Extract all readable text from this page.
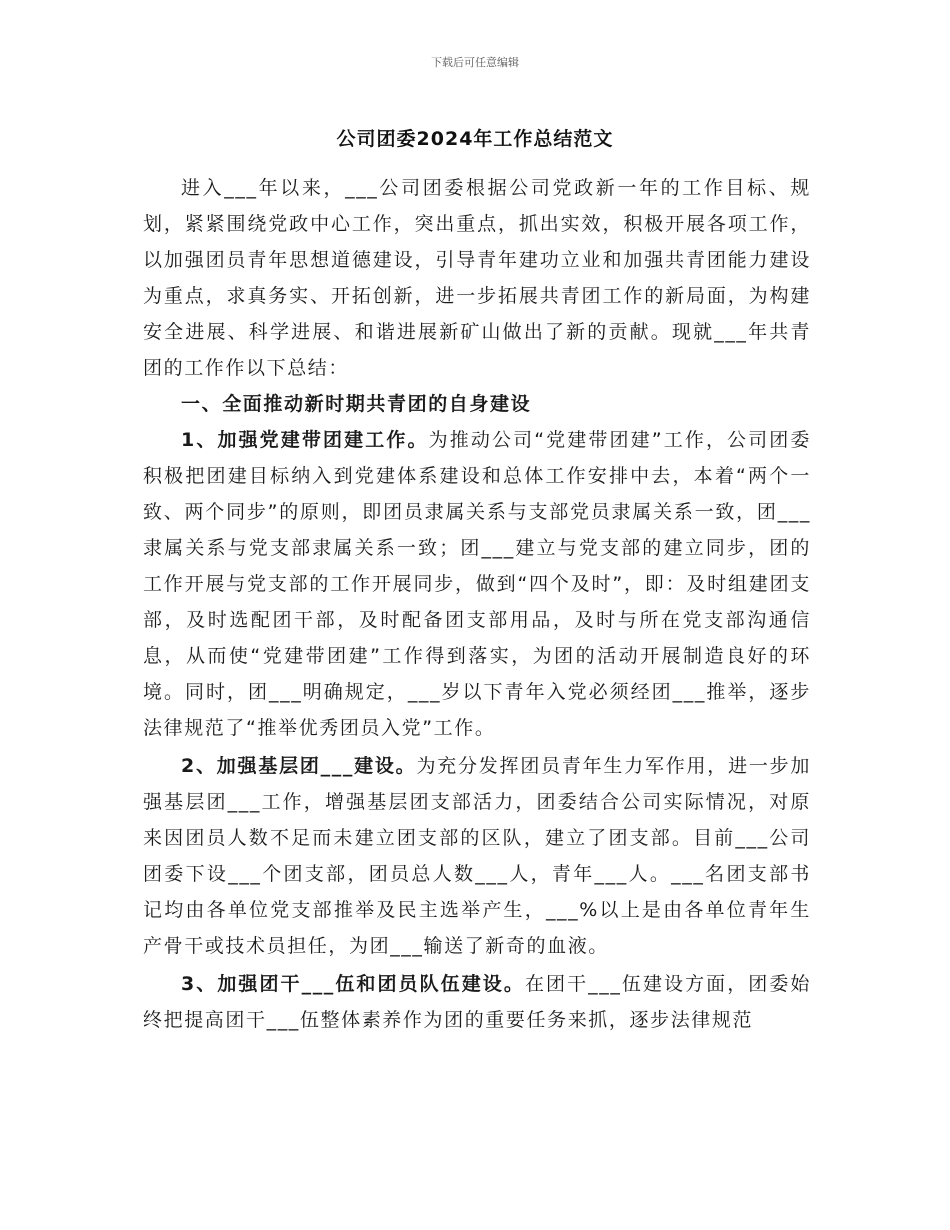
下载后可任意编辑
公司团委2024年工作总结范文

进入___年以来，___公司团委根据公司党政新一年的工作目标、规划，紧紧围绕党政中心工作，突出重点，抓出实效，积极开展各项工作，以加强团员青年思想道德建设，引导青年建功立业和加强共青团能力建设为重点，求真务实、开拓创新，进一步拓展共青团工作的新局面，为构建安全进展、科学进展、和谐进展新矿山做出了新的贡献。现就___年共青团的工作作以下总结：

一、全面推动新时期共青团的自身建设

1、加强党建带团建工作。为推动公司“党建带团建”工作，公司团委积极把团建目标纳入到党建体系建设和总体工作安排中去，本着“两个一致、两个同步”的原则，即团员隶属关系与支部党员隶属关系一致，团___隶属关系与党支部隶属关系一致；团___建立与党支部的建立同步，团的工作开展与党支部的工作开展同步，做到“四个及时”，即：及时组建团支部，及时选配团干部，及时配备团支部用品，及时与所在党支部沟通信息，从而使“党建带团建”工作得到落实，为团的活动开展制造良好的环境。同时，团___明确规定，___岁以下青年入党必须经团___推举，逐步法律规范了“推举优秀团员入党”工作。

2、加强基层团___建设。为充分发挥团员青年生力军作用，进一步加强基层团___工作，增强基层团支部活力，团委结合公司实际情况，对原来因团员人数不足而未建立团支部的区队，建立了团支部。目前___公司团委下设___个团支部，团员总人数___人，青年___人。___名团支部书记均由各单位党支部推举及民主选举产生，___%以上是由各单位青年生产骨干或技术员担任，为团___输送了新奇的血液。

3、加强团干___伍和团员队伍建设。在团干___伍建设方面，团委始终把提高团干___伍整体素养作为团的重要任务来抓，逐步法律规范
